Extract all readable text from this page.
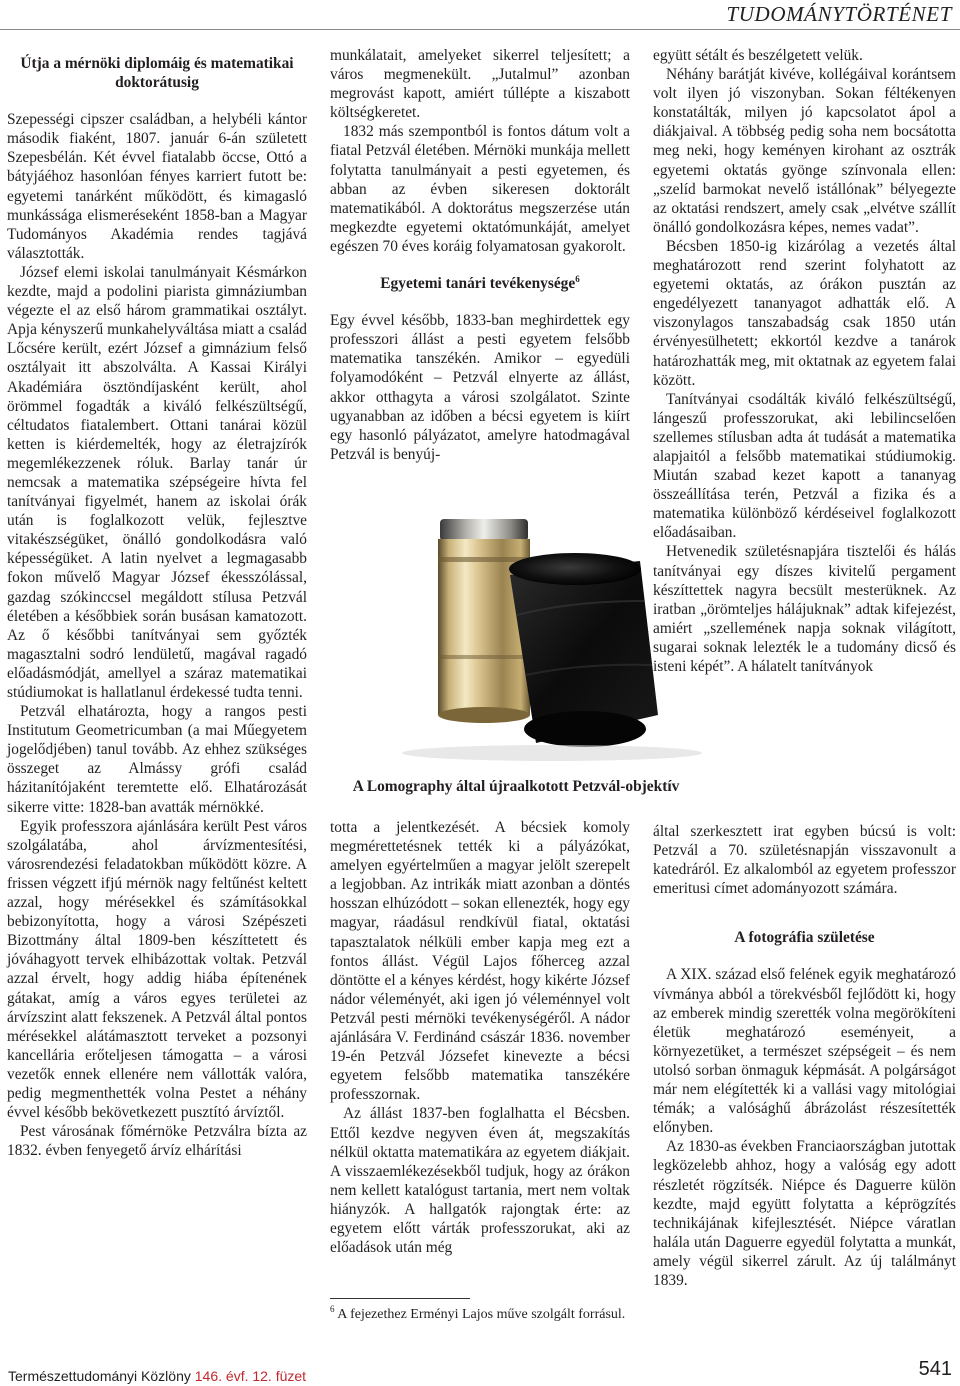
TUDOMÁNYTÖRTÉNET
Útja a mérnöki diplomáig és matematikai doktorátusig

Szepességi cipszer családban, a helybéli kántor második fiaként, 1807. január 6-án született Szepesbélán. Két évvel fiatalabb öccse, Ottó a bátyjáéhoz hasonlóan fényes karriert futott be: egyetemi tanárként működött, és kimagasló munkássága elismeréseként 1858-ban a Magyar Tudományos Akadémia rendes tagjává választották.

József elemi iskolai tanulmányait Késmárkon kezdte, majd a podolini piarista gimnáziumban végezte el az első három grammatikai osztályt. Apja kényszerű munkahelyváltása miatt a család Lőcsére került, ezért József a gimnázium felső osztályait itt abszolválta. A Kassai Királyi Akadémiára ösztöndíjasként került, ahol örömmel fogadták a kiváló felkészültségű, céltudatos fiatalembert. Ottani tanárai közül ketten is kiérdemelték, hogy az életrajzírók megemlékezzenek róluk. Barlay tanár úr nemcsak a matematika szépségeire hívta fel tanítványai figyelmét, hanem az iskolai órák után is foglalkozott velük, fejlesztve vitakészségüket, önálló gondolkodásra való képességüket. A latin nyelvet a legmagasabb fokon művelő Magyar József ékesszólással, gazdag szókinccsel megáldott stílusa Petzvál életében a későbbiek során busásan kamatozott. Az ő későbbi tanítványai sem győzték magasztalni sodró lendületű, magával ragadó előadásmódját, amellyel a száraz matematikai stúdiumokat is hallatlanul érdekessé tudta tenni.

Petzvál elhatározta, hogy a rangos pesti Institutum Geometricumban (a mai Műegyetem jogelődjében) tanul tovább. Az ehhez szükséges összeget az Almássy grófi család házitanítójaként teremtette elő. Elhatározását sikerre vitte: 1828-ban avatták mérnökké.

Egyik professzora ajánlására került Pest város szolgálatába, ahol árvízmentesítési, városrendezési feladatokban működött közre. A frissen végzett ifjú mérnök nagy feltűnést keltett azzal, hogy mérésekkel és számításokkal bebizonyította, hogy a városi Szépészeti Bizottmány által 1809-ben készíttetett és jóváhagyott tervek elhibázottak voltak. Petzvál azzal érvelt, hogy addig hiába építenének gátakat, amíg a város egyes területei az árvízszint alatt fekszenek. A Petzvál által pontos mérésekkel alátámasztott terveket a pozsonyi kancellária erőteljesen támogatta – a városi vezetők ennek ellenére nem vállották valóra, pedig megmenthették volna Pestet a néhány évvel később bekövetkezett pusztító árvíztől.

Pest városának főmérnöke Petzválra bízta az 1832. évben fenyegető árvíz elhárítási

munkálatait, amelyeket sikerrel teljesített; a város megmenekült. „Jutalmul” azonban megrovást kapott, amiért túllépte a kiszabott költségkeretet.

1832 más szempontból is fontos dátum volt a fiatal Petzvál életében. Mérnöki munkája mellett folytatta tanulmányait a pesti egyetemen, és abban az évben sikeresen doktorált matematikából. A doktorátus megszerzése után megkezdte egyetemi oktatómunkáját, amelyet egészen 70 éves koráig folyamatosan gyakorolt.

Egyetemi tanári tevékenysége$^6$

Egy évvel később, 1833-ban meghirdettek egy professzori állást a pesti egyetem felsőbb matematika tanszékén. Amikor – egyedüli folyamodóként – Petzvál elnyerte az állást, akkor otthagyta a városi szolgálatot. Szinte ugyanabban az időben a bécsi egyetem is kiírt egy hasonló pályázatot, amelyre hatodmagával Petzvál is benyúj-

A Lomography által újraalkotott Petzvál-objektív

totta a jelentkezését. A bécsiek komoly megmérettetésnek tették ki a pályázókat, amelyen egyértelműen a magyar jelölt szerepelt a legjobban. Az intrikák miatt azonban a döntés hosszan elhúzódott – sokan ellenezték, hogy egy magyar, ráadásul rendkívül fiatal, oktatási tapasztalatok nélküli ember kapja meg ezt a fontos állást. Végül Lajos főherceg azzal döntötte el a kényes kérdést, hogy kikérte József nádor véleményét, aki igen jó véleménnyel volt Petzvál pesti mérnöki tevékenységéről. A nádor ajánlására V. Ferdinánd császár 1836. november 19-én Petzvál Józsefet kinevezte a bécsi egyetem felsőbb matematika tanszékére professzornak.

Az állást 1837-ben foglalhatta el Bécsben. Ettől kezdve negyven éven át, megszakítás nélkül oktatta matematikára az egyetem diákjait. A visszaemlékezésekből tudjuk, hogy az órákon nem kellett katalógust tartania, mert nem voltak hiányzók. A hallgatók rajongtak érte: az egyetem előtt várták professzorukat, aki az előadások után még

$^6$ A fejezethez Erményi Lajos műve szolgált forrásul.

együtt sétált és beszélgetett velük.

Néhány barátját kivéve, kollégáival korántsem volt ilyen jó viszonyban. Sokan féltékenyen konstatálták, milyen jó kapcsolatot ápol a diákjaival. A többség pedig soha nem bocsátotta meg neki, hogy keményen kirohant az osztrák egyetemi oktatás gyönge színvonala ellen: „szelíd barmokat nevelő istállónak” bélyegezte az oktatási rendszert, amely csak „elvétve szállít önálló gondolkozásra képes, nemes vadat”.

Bécsben 1850-ig kizárólag a vezetés által meghatározott rend szerint folyhatott az egyetemi oktatás, az órákon pusztán az engedélyezett tananyagot adhatták elő. A viszonylagos tanszabadság csak 1850 után érvényesülhetett; ekkortól kezdve a tanárok határozhatták meg, mit oktatnak az egyetem falai között.

Tanítványai csodálták kiváló felkészültségű, lángeszű professzorukat, aki lebilincselően szellemes stílusban adta át tudását a matematika alapjaitól a felsőbb matematikai stúdiumokig. Miután szabad kezet kapott a tananyag összeállítása terén, Petzvál a fizika és a matematika különböző kérdéseivel foglalkozott előadásaiban.

Hetvenedik születésnapjára tisztelői és hálás tanítványai egy díszes kivitelű pergament készíttettek nagyra becsült mesterüknek. Az iratban „örömteljes hálájuknak” adtak kifejezést, amiért „szellemének napja soknak világított, sugarai soknak lelezték le a tudomány dicső és isteni képét”. A hálatelt tanítványok

által szerkesztett irat egyben búcsú is volt: Petzvál a 70. születésnapján visszavonult a katedráról. Ez alkalomból az egyetem professzor emeritusi címet adományozott számára.

A fotográfia születése

A XIX. század első felének egyik meghatározó vívmánya abból a törekvésből fejlődött ki, hogy az emberek mindig szerették volna megörökíteni életük meghatározó eseményeit, a környezetüket, a természet szépségeit – és nem utolsó sorban önmaguk képmását. A polgárságot már nem elégítették ki a vallási vagy mitológiai témák; a valósághű ábrázolást részesítették előnyben.

Az 1830-as években Franciaországban jutottak legközelebb ahhoz, hogy a valóság egy adott részletét rögzítsék. Niépce és Daguerre külön kezdte, majd együtt folytatta a képrögzítés technikájának kifejlesztését. Niépce váratlan halála után Daguerre egyedül folytatta a munkát, amely végül sikerrel zárult. Az új találmányt 1839.

Természettudományi Közlöny 146. évf. 12. füzet	541
